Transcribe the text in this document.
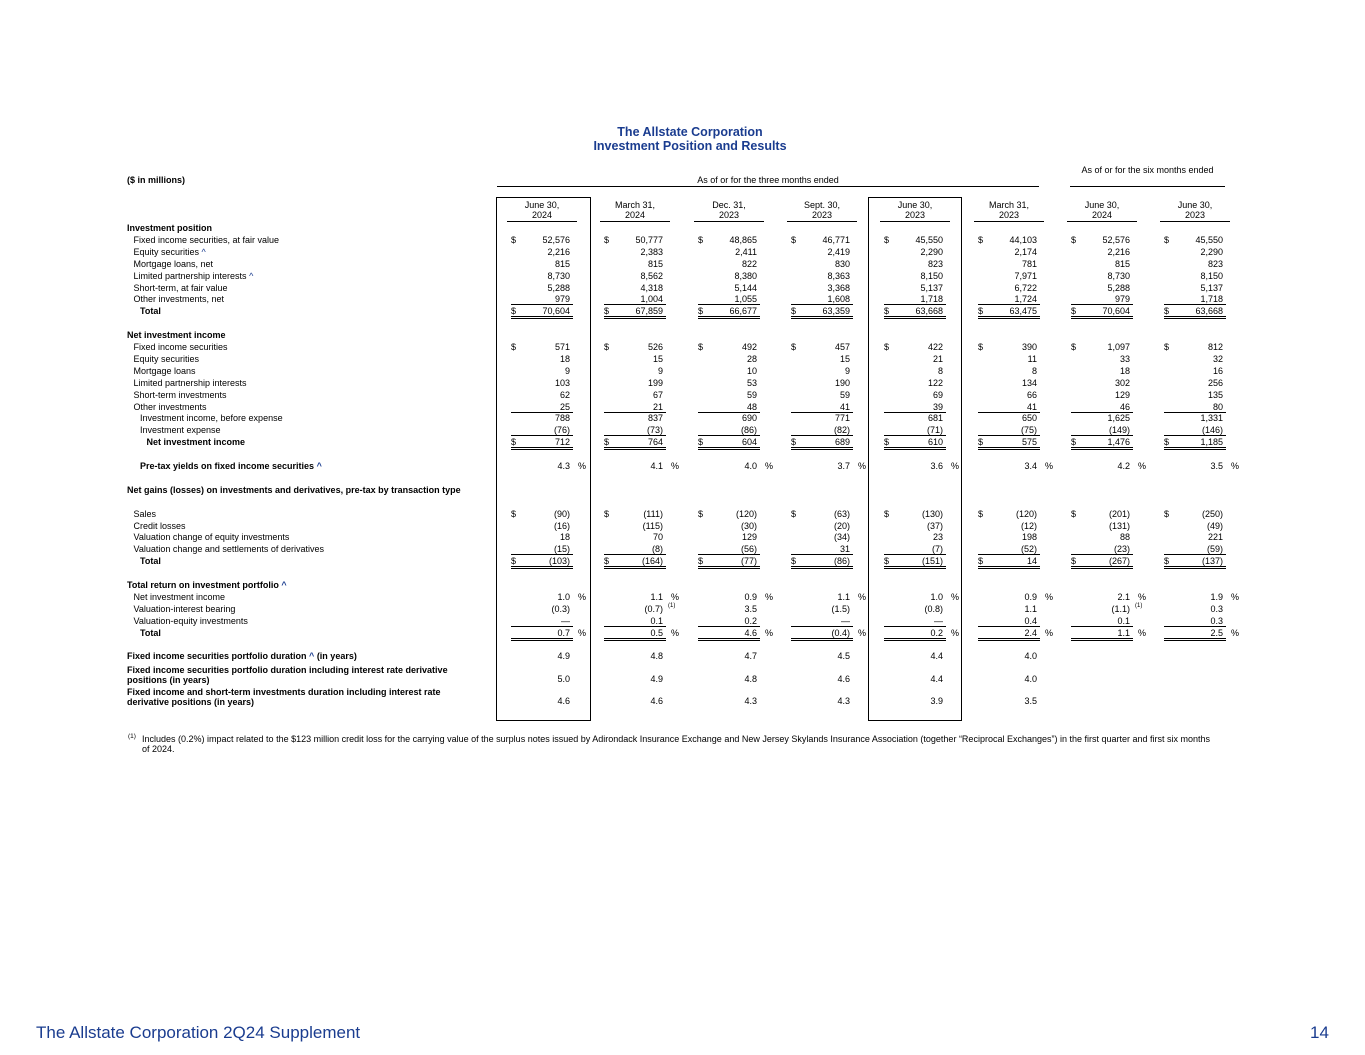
The Allstate Corporation
Investment Position and Results
($ in millions)	As of or for the three months ended
As of or for the six months ended
June 30,
2024
March 31,
2024
Dec. 31,
2023
Sept. 30,
2023
June 30,
2023
March 31,
2023
June 30,
2024
June 30,
2023
Investment position
Fixed income securities, at fair value	$	52,576	$	50,777	$	48,865	$	46,771	$	45,550	$	44,103	$	52,576	$	45,550
Equity securities ^	2,216	2,383	2,411	2,419	2,290	2,174	2,216	2,290
Mortgage loans, net	815	815	822	830	823	781	815	823
Limited partnership interests ^	8,730	8,562	8,380	8,363	8,150	7,971	8,730	8,150
Short-term, at fair value	5,288	4,318	5,144	3,368	5,137	6,722	5,288	5,137
Other investments, net	979	1,004	1,055	1,608	1,718	1,724	979	1,718
Total	$	70,604	$	67,859	$	66,677	$	63,359	$	63,668	$	63,475	$	70,604	$	63,668
Net investment income
Fixed income securities	$	571	$	526	$	492	$	457	$	422	$	390	$	1,097	$	812
Equity securities	18	15	28	15	21	11	33	32
Mortgage loans	9	9	10	9	8	8	18	16
Limited partnership interests	103	199	53	190	122	134	302	256
Short-term investments	62	67	59	59	69	66	129	135
Other investments	25	21	48	41	39	41	46	80
Investment income, before expense	788	837	690	771	681	650	1,625	1,331
Investment expense	(76)	(73)	(86)	(82)	(71)	(75)	(149)	(146)
Net investment income	$	712	$	764	$	604	$	689	$	610	$	575	$	1,476	$	1,185
Pre-tax yields on fixed income securities ^	4.3 %	4.1 %	4.0 %	3.7 %	3.6 %	3.4 %	4.2 %	3.5 %
Net gains (losses) on investments and derivatives, pre-tax by transaction type
Sales	$	(90)	$	(111)	$	(120)	$	(63)	$	(130)	$	(120)	$	(201)	$	(250)
Credit losses	(16)	(115)	(30)	(20)	(37)	(12)	(131)	(49)
Valuation change of equity investments	18	70	129	(34)	23	198	88	221
Valuation change and settlements of derivatives	(15)	(8)	(56)	31	(7)	(52)	(23)	(59)
Total	$	(103)	$	(164)	$	(77)	$	(86)	$	(151)	$	14	$	(267)	$	(137)
Total return on investment portfolio ^
Net investment income	1.0 %	1.1 %	0.9 %	1.1 %	1.0 %	0.9 %	2.1 %	1.9 %
Valuation-interest bearing	(0.3)	(0.7) (1)	3.5	(1.5)	(0.8)	1.1	(1.1) (1)	0.3
Valuation-equity investments	—	0.1	0.2	—	—	0.4	0.1	0.3
Total	0.7 %	0.5 %	4.6 %	(0.4) %	0.2 %	2.4 %	1.1 %	2.5 %
Fixed income securities portfolio duration ^ (in years)	4.9	4.8	4.7	4.5	4.4	4.0
Fixed income securities portfolio duration including interest rate derivative positions (in years)	5.0	4.9	4.8	4.6	4.4	4.0
Fixed income and short-term investments duration including interest rate derivative positions (in years)	4.6	4.6	4.3	4.3	3.9	3.5
(1) Includes (0.2%) impact related to the $123 million credit loss for the carrying value of the surplus notes issued by Adirondack Insurance Exchange and New Jersey Skylands Insurance Association (together “Reciprocal Exchanges”) in the first quarter and first six months of 2024.
The Allstate Corporation 2Q24 Supplement	14
